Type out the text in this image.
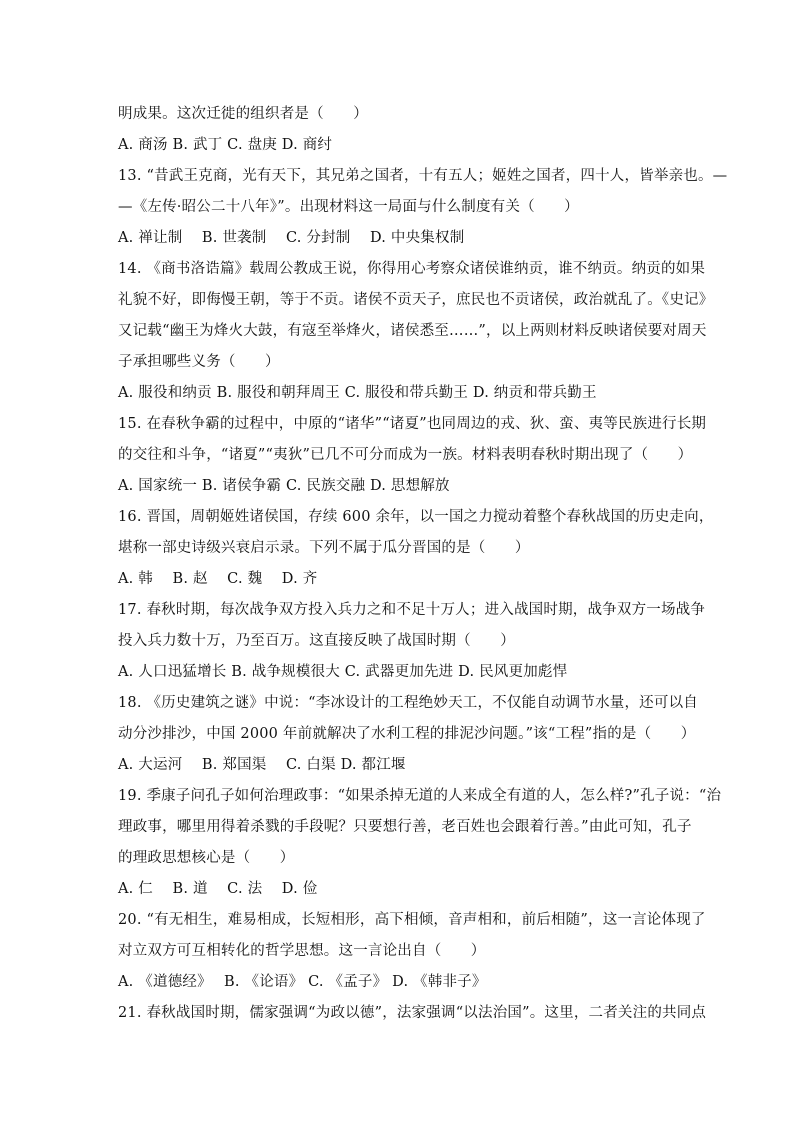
明成果。这次迁徙的组织者是（　　）
A. 商汤 B. 武丁 C. 盘庚 D. 商纣
13. “昔武王克商，光有天下，其兄弟之国者，十有五人；姬姓之国者，四十人，皆举亲也。—
—《左传·昭公二十八年》”。出现材料这一局面与什么制度有关（　　）
A. 禅让制　 B. 世袭制　 C. 分封制　 D. 中央集权制
14. 《商书洛诰篇》载周公教成王说，你得用心考察众诸侯谁纳贡，谁不纳贡。纳贡的如果
礼貌不好，即侮慢王朝，等于不贡。诸侯不贡天子，庶民也不贡诸侯，政治就乱了。《史记》
又记载“幽王为烽火大鼓，有寇至举烽火，诸侯悉至……”，以上两则材料反映诸侯要对周天
子承担哪些义务（　　）
A. 服役和纳贡 B. 服役和朝拜周王 C. 服役和带兵勤王 D. 纳贡和带兵勤王
15. 在春秋争霸的过程中，中原的“诸华”“诸夏”也同周边的戎、狄、蛮、夷等民族进行长期
的交往和斗争，“诸夏”“夷狄”已几不可分而成为一族。材料表明春秋时期出现了（　　）
A. 国家统一 B. 诸侯争霸 C. 民族交融 D. 思想解放
16. 晋国，周朝姬姓诸侯国，存续 600 余年，以一国之力搅动着整个春秋战国的历史走向，
堪称一部史诗级兴衰启示录。下列不属于瓜分晋国的是（　　）
A. 韩　 B. 赵　 C. 魏　 D. 齐
17. 春秋时期，每次战争双方投入兵力之和不足十万人；进入战国时期，战争双方一场战争
投入兵力数十万，乃至百万。这直接反映了战国时期（　　）
A. 人口迅猛增长 B. 战争规模很大 C. 武器更加先进 D. 民风更加彪悍
18. 《历史建筑之谜》中说：“李冰设计的工程绝妙天工，不仅能自动调节水量，还可以自
动分沙排沙，中国 2000 年前就解决了水利工程的排泥沙问题。”该“工程”指的是（　　）
A. 大运河　 B. 郑国渠　 C. 白渠 D. 都江堰
19. 季康子问孔子如何治理政事：“如果杀掉无道的人来成全有道的人，怎么样?”孔子说：“治
理政事，哪里用得着杀戮的手段呢？只要想行善，老百姓也会跟着行善。”由此可知，孔子
的理政思想核心是（　　）
A. 仁　 B. 道　 C. 法　 D. 俭
20. “有无相生，难易相成，长短相形，高下相倾，音声相和，前后相随”，这一言论体现了
对立双方可互相转化的哲学思想。这一言论出自（　　）
A. 《道德经》　 B. 《论语》 C. 《孟子》 D. 《韩非子》
21. 春秋战国时期，儒家强调“为政以德”，法家强调“以法治国”。这里，二者关注的共同点
